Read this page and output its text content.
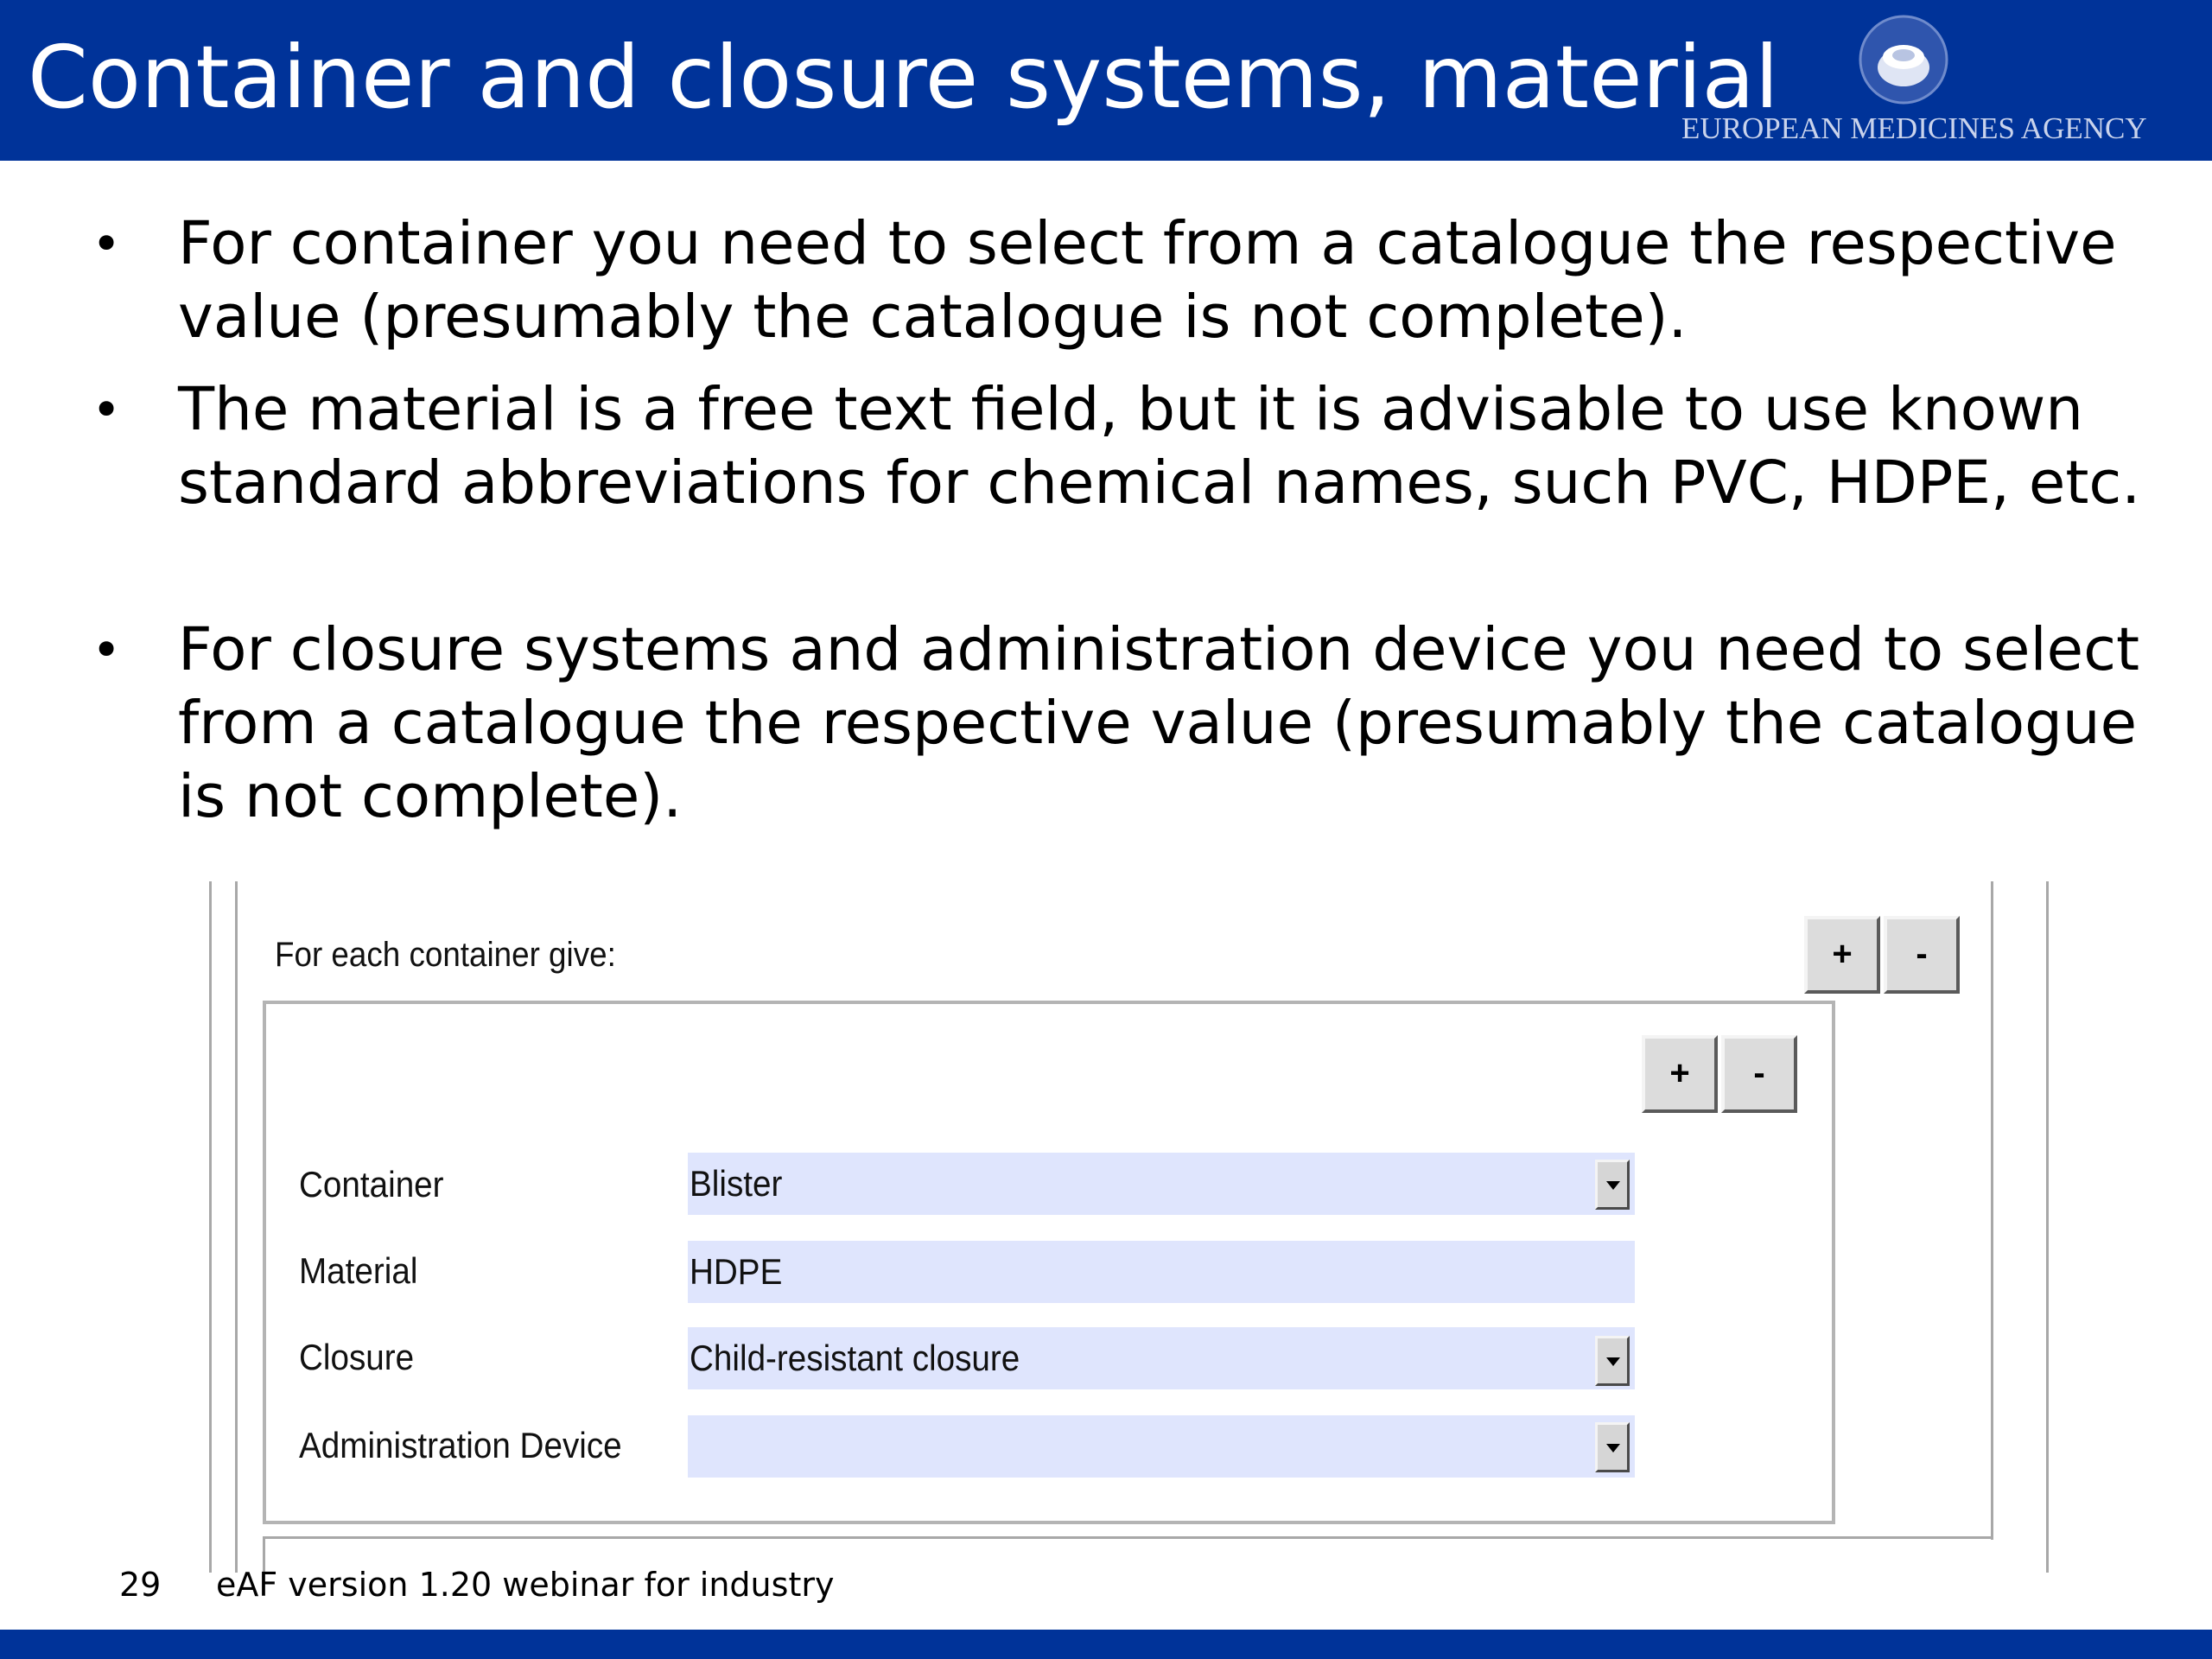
Container and closure systems, material
EUROPEAN MEDICINES AGENCY
• For container you need to select from a catalogue the respective value (presumably the catalogue is not complete).
• The material is a free text field, but it is advisable to use known standard abbreviations for chemical names, such PVC, HDPE, etc.
• For closure systems and administration device you need to select from a catalogue the respective value (presumably the catalogue is not complete).
For each container give:	+	-
+	-
Container	Blister
Material	HDPE
Closure	Child-resistant closure
Administration Device
29 eAF version 1.20 webinar for industry
